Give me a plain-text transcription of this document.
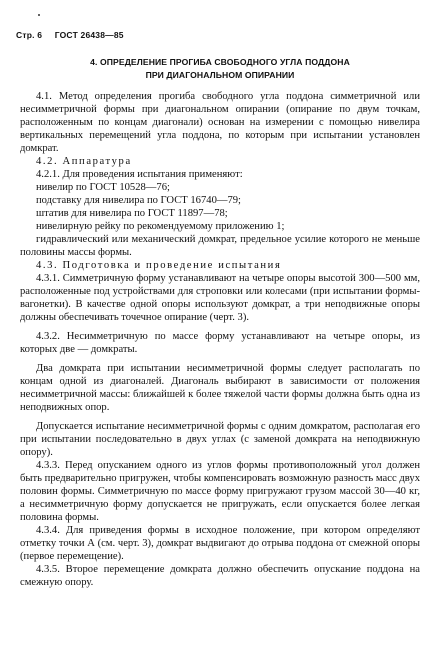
Стр. 6 ГОСТ 26438—85
4. ОПРЕДЕЛЕНИЕ ПРОГИБА СВОБОДНОГО УГЛА ПОДДОНА
ПРИ ДИАГОНАЛЬНОМ ОПИРАНИИ

4.1. Метод определения прогиба свободного угла поддона симметричной или несимметричной формы при диагональном опирании (опирание по двум точкам, расположенным по концам диагонали) основан на измерении с помощью нивелира вертикальных перемещений угла поддона, по которым при испытании установлен домкрат.

4.2. Аппаратура

4.2.1. Для проведения испытания применяют:

нивелир по ГОСТ 10528—76;

подставку для нивелира по ГОСТ 16740—79;

штатив для нивелира по ГОСТ 11897—78;

нивелирную рейку по рекомендуемому приложению 1;

гидравлический или механический домкрат, предельное усилие которого не меньше половины массы формы.

4.3. Подготовка и проведение испытания

4.3.1. Симметричную форму устанавливают на четыре опоры высотой 300—500 мм, расположенные под устройствами для строповки или колесами (при испытании формы-вагонетки). В качестве одной опоры используют домкрат, а три неподвижные опоры должны обеспечивать точечное опирание (черт. 3).

4.3.2. Несимметричную по массе форму устанавливают на четыре опоры, из которых две — домкраты.

Два домкрата при испытании несимметричной формы следует располагать по концам одной из диагоналей. Диагональ выбирают в зависимости от положения несимметричной массы: ближайшей к более тяжелой части формы должна быть одна из неподвижных опор.

Допускается испытание несимметричной формы с одним домкратом, располагая его при испытании последовательно в двух углах (с заменой домкрата на неподвижную опору).

4.3.3. Перед опусканием одного из углов формы противоположный угол должен быть предварительно пригружен, чтобы компенсировать возможную разность масс двух половин формы. Симметричную по массе форму пригружают грузом массой 30—40 кг, а несимметричную форму допускается не пригружать, если опускается более легкая половина формы.

4.3.4. Для приведения формы в исходное положение, при котором определяют отметку точки А (см. черт. 3), домкрат выдвигают до отрыва поддона от смежной опоры (первое перемещение).

4.3.5. Второе перемещение домкрата должно обеспечить опускание поддона на смежную опору.
